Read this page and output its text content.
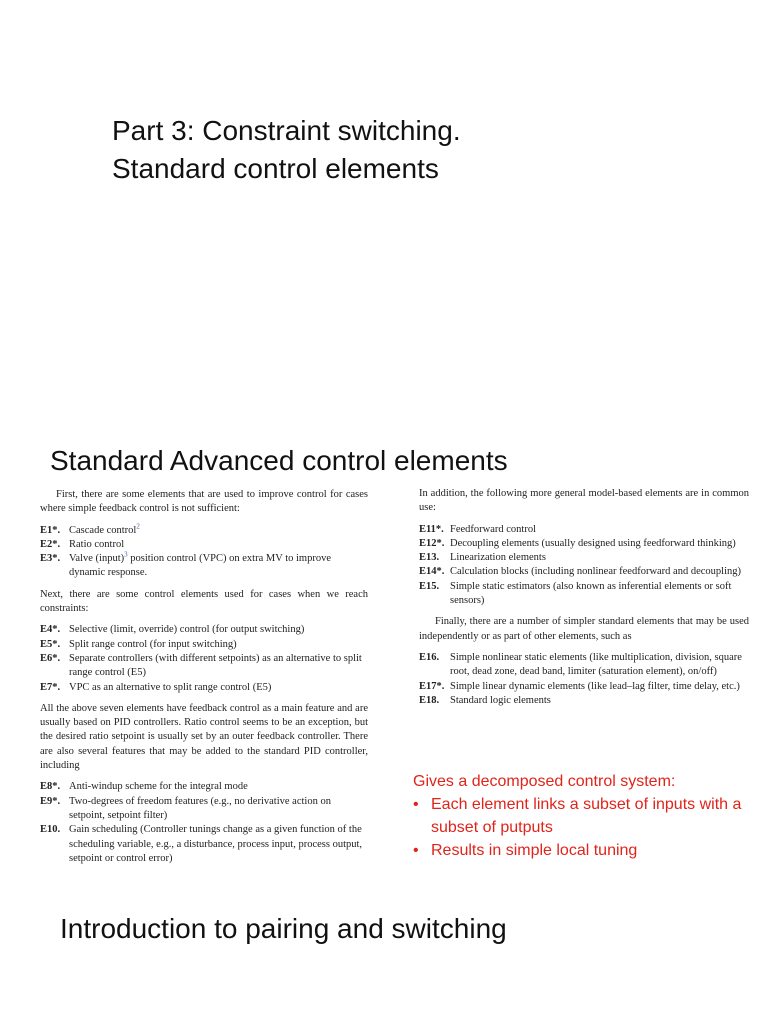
Part 3: Constraint switching.
Standard control elements
Standard Advanced control elements

First, there are some elements that are used to improve control for cases where simple feedback control is not sufficient:

E1*. Cascade control$^2$
E2*. Ratio control
E3*. Valve (input)$^3$ position control (VPC) on extra MV to improve dynamic response.

Next, there are some control elements used for cases when we reach constraints:

E4*. Selective (limit, override) control (for output switching)
E5*. Split range control (for input switching)
E6*. Separate controllers (with different setpoints) as an alternative to split range control (E5)
E7*. VPC as an alternative to split range control (E5)

All the above seven elements have feedback control as a main feature and are usually based on PID controllers. Ratio control seems to be an exception, but the desired ratio setpoint is usually set by an outer feedback controller. There are also several features that may be added to the standard PID controller, including

E8*. Anti-windup scheme for the integral mode
E9*. Two-degrees of freedom features (e.g., no derivative action on setpoint, setpoint filter)
E10. Gain scheduling (Controller tunings change as a given function of the scheduling variable, e.g., a disturbance, process input, process output, setpoint or control error)

In addition, the following more general model-based elements are in common use:

E11*. Feedforward control
E12*. Decoupling elements (usually designed using feedforward thinking)
E13.	Linearization elements
E14*. Calculation blocks (including nonlinear feedforward and decoupling)
E15.	Simple static estimators (also known as inferential elements or soft sensors)

Finally, there are a number of simpler standard elements that may be used independently or as part of other elements, such as

E16.	Simple nonlinear static elements (like multiplication, division, square root, dead zone, dead band, limiter (saturation element), on/off)
E17*. Simple linear dynamic elements (like lead–lag filter, time delay, etc.)
E18.	Standard logic elements
Gives a decomposed control system:
• Each element links a subset of inputs with a subset of putputs
• Results in simple local tuning
Introduction to pairing and switching
